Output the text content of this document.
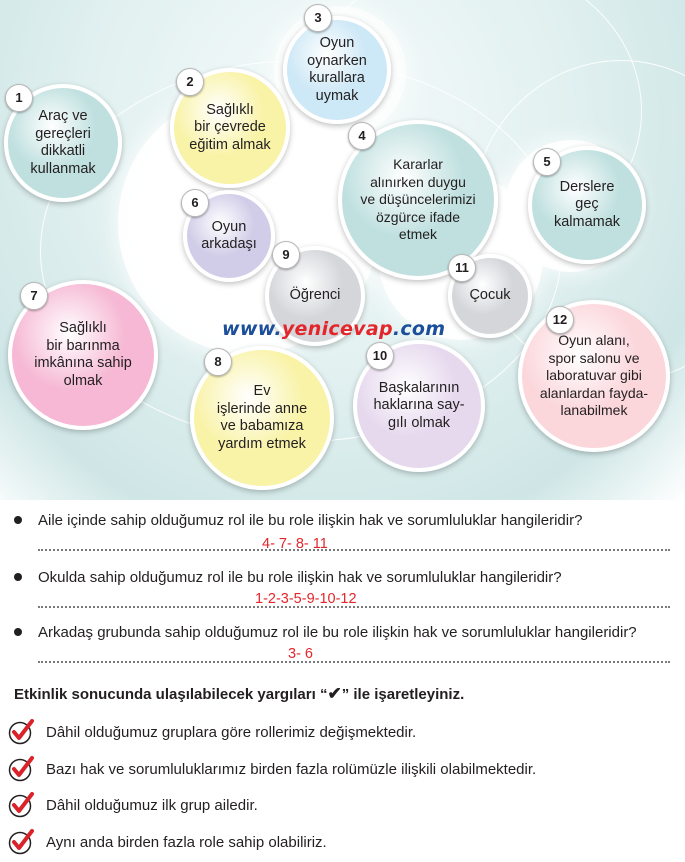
Araç ve
gereçleri
dikkatli
kullanmak
Sağlıklı
bir çevrede
eğitim almak
Oyun
oynarken
kurallara
uymak
Kararlar
alınırken duygu
ve düşüncelerimizi
özgürce ifade
etmek
Derslere
geç
kalmamak
Oyun
arkadaşı
Sağlıklı
bir barınma
imkânına sahip
olmak
Ev
işlerinde anne
ve babamıza
yardım etmek
Öğrenci
Başkalarının
haklarına say-
gılı olmak
Çocuk
Oyun alanı,
spor salonu ve
laboratuvar gibi
alanlardan fayda-
lanabilmek
1
2
3
4
5
6
7
8
9
10
11
12
www.yenicevap.com
Aile içinde sahip olduğumuz rol ile bu role ilişkin hak ve sorumluluklar hangileridir?
4- 7- 8- 11
Okulda sahip olduğumuz rol ile bu role ilişkin hak ve sorumluluklar hangileridir?
1-2-3-5-9-10-12
Arkadaş grubunda sahip olduğumuz rol ile bu role ilişkin hak ve sorumluluklar hangileridir?
3- 6
Etkinlik sonucunda ulaşılabilecek yargıları “✔” ile işaretleyiniz.
Dâhil olduğumuz gruplara göre rollerimiz değişmektedir.
Bazı hak ve sorumluluklarımız birden fazla rolümüzle ilişkili olabilmektedir.
Dâhil olduğumuz ilk grup ailedir.
Aynı anda birden fazla role sahip olabiliriz.
